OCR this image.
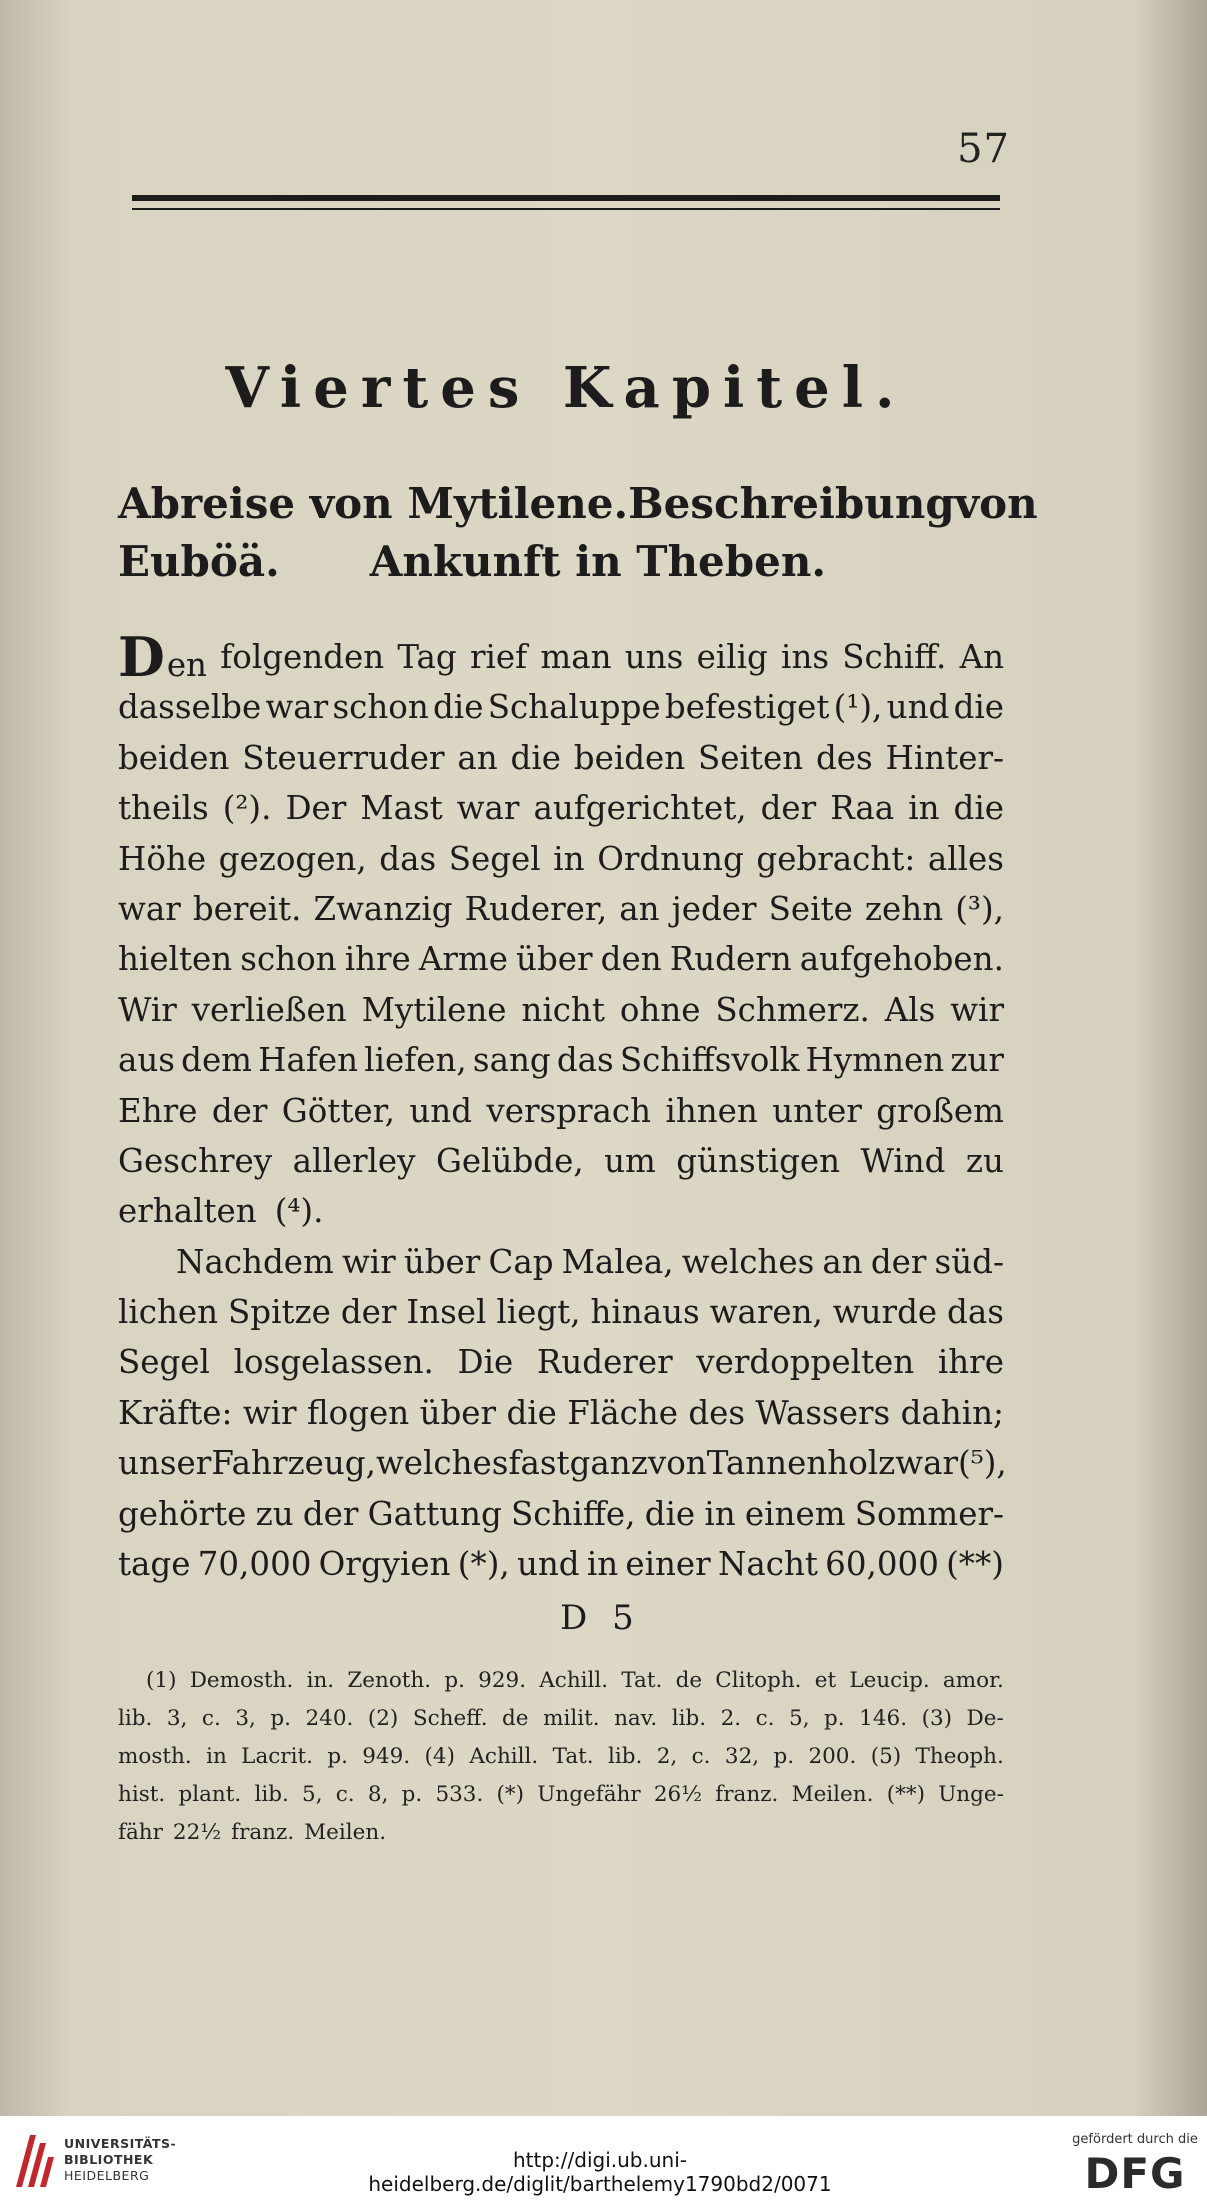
57
Viertes Kapitel.
Abreise von Mytilene. Beschreibung von
Euböä. Ankunft in Theben.
Den folgenden Tag rief man uns eilig ins Schiff. An
dasselbe war schon die Schaluppe befestiget (¹), und die
beiden Steuerruder an die beiden Seiten des Hinter-
theils (²). Der Mast war aufgerichtet, der Raa in die
Höhe gezogen, das Segel in Ordnung gebracht: alles
war bereit. Zwanzig Ruderer, an jeder Seite zehn (³),
hielten schon ihre Arme über den Rudern aufgehoben.
Wir verließen Mytilene nicht ohne Schmerz. Als wir
aus dem Hafen liefen, sang das Schiffsvolk Hymnen zur
Ehre der Götter, und versprach ihnen unter großem
Geschrey allerley Gelübde, um günstigen Wind zu
erhalten (⁴).
Nachdem wir über Cap Malea, welches an der süd-
lichen Spitze der Insel liegt, hinaus waren, wurde das
Segel losgelassen. Die Ruderer verdoppelten ihre
Kräfte: wir flogen über die Fläche des Wassers dahin;
unser Fahrzeug, welches fast ganz von Tannenholz war (⁵),
gehörte zu der Gattung Schiffe, die in einem Sommer-
tage 70,000 Orgyien (*), und in einer Nacht 60,000 (**)
D 5
(1) Demosth. in. Zenoth. p. 929. Achill. Tat. de Clitoph. et Leucip. amor.
lib. 3, c. 3, p. 240. (2) Scheff. de milit. nav. lib. 2. c. 5, p. 146. (3) De-
mosth. in Lacrit. p. 949. (4) Achill. Tat. lib. 2, c. 32, p. 200. (5) Theoph.
hist. plant. lib. 5, c. 8, p. 533. (*) Ungefähr 26½ franz. Meilen. (**) Unge-
fähr 22½ franz. Meilen.
UNIVERSITÄTS-
BIBLIOTHEK
HEIDELBERG
http://digi.ub.uni-heidelberg.de/diglit/barthelemy1790bd2/0071
gefördert durch die
DFG
